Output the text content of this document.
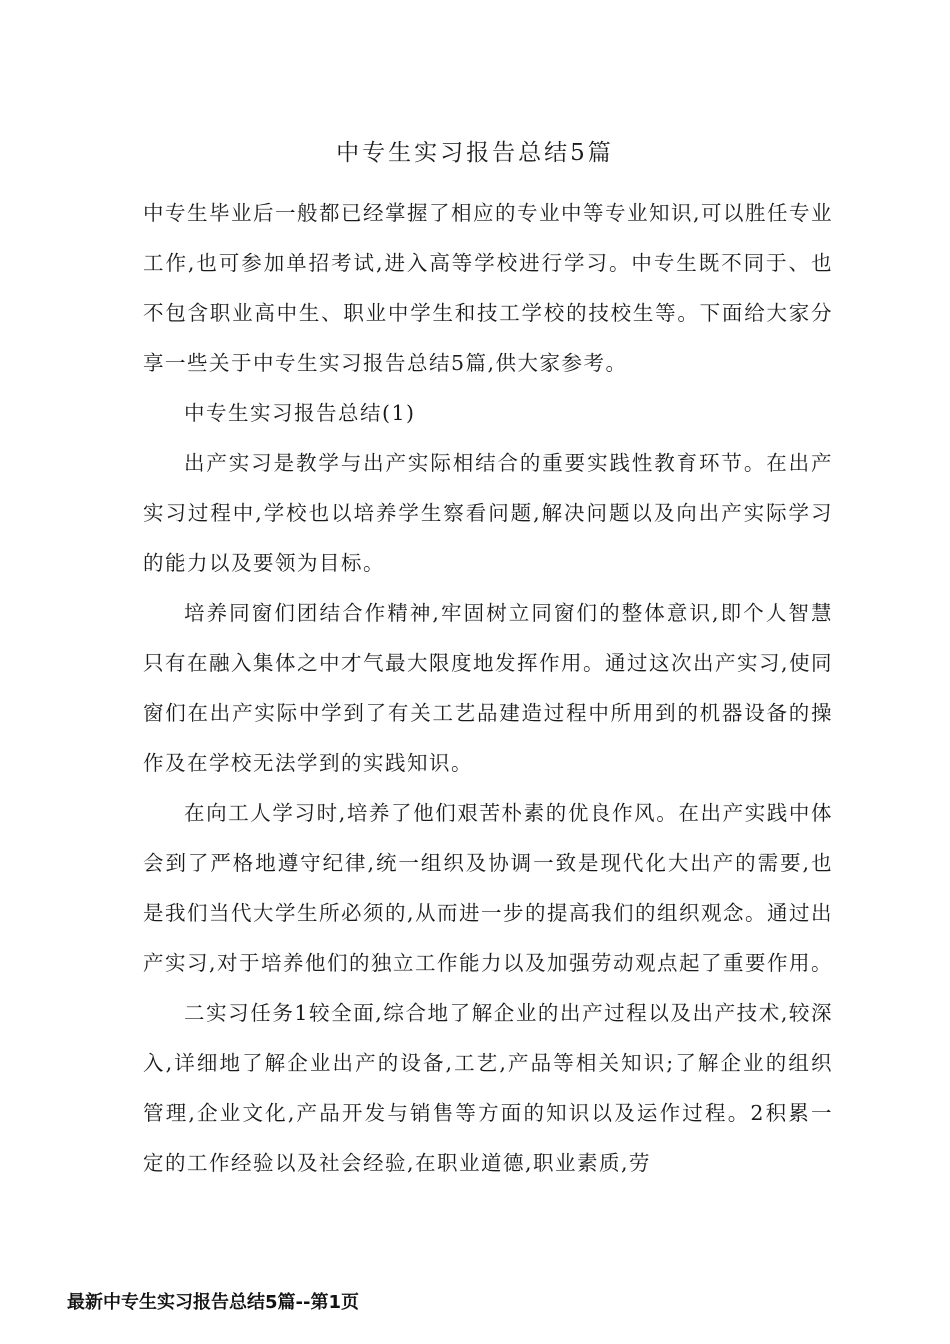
中专生实习报告总结5篇

中专生毕业后一般都已经掌握了相应的专业中等专业知识,可以胜任专业工作,也可参加单招考试,进入高等学校进行学习。中专生既不同于、也不包含职业高中生、职业中学生和技工学校的技校生等。下面给大家分享一些关于中专生实习报告总结5篇,供大家参考。

中专生实习报告总结(1)

出产实习是教学与出产实际相结合的重要实践性教育环节。在出产实习过程中,学校也以培养学生察看问题,解决问题以及向出产实际学习的能力以及要领为目标。

培养同窗们团结合作精神,牢固树立同窗们的整体意识,即个人智慧只有在融入集体之中才气最大限度地发挥作用。通过这次出产实习,使同窗们在出产实际中学到了有关工艺品建造过程中所用到的机器设备的操作及在学校无法学到的实践知识。

在向工人学习时,培养了他们艰苦朴素的优良作风。在出产实践中体会到了严格地遵守纪律,统一组织及协调一致是现代化大出产的需要,也是我们当代大学生所必须的,从而进一步的提高我们的组织观念。通过出产实习,对于培养他们的独立工作能力以及加强劳动观点起了重要作用。

二实习任务1较全面,综合地了解企业的出产过程以及出产技术,较深入,详细地了解企业出产的设备,工艺,产品等相关知识;了解企业的组织管理,企业文化,产品开发与销售等方面的知识以及运作过程。2积累一定的工作经验以及社会经验,在职业道德,职业素质,劳

最新中专生实习报告总结5篇--第1页
